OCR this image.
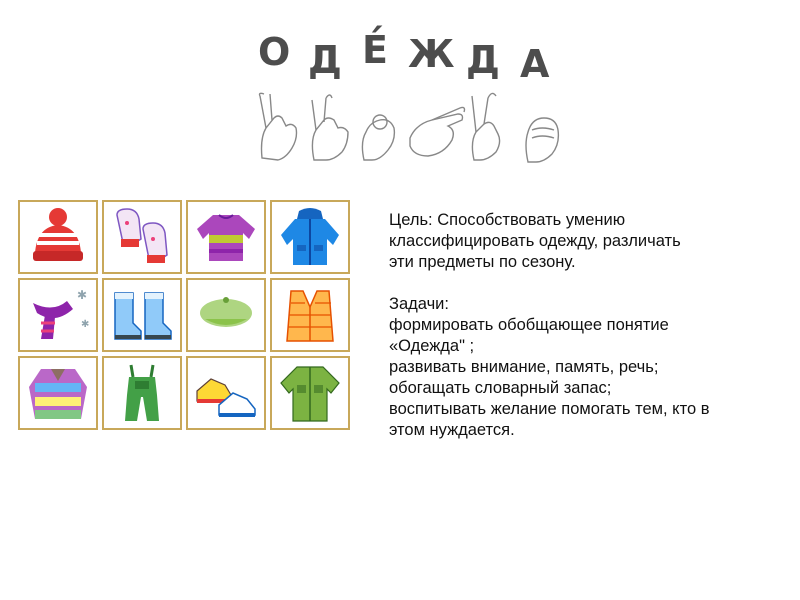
О Д Е́ Ж Д А
✱
✱

Цель: Способствовать умению

классифицировать одежду, различать

эти предметы по сезону.

Задачи:

формировать обобщающее понятие

«Одежда" ;

развивать внимание, память, речь;

обогащать словарный запас;

воспитывать желание помогать тем, кто в

этом нуждается.
